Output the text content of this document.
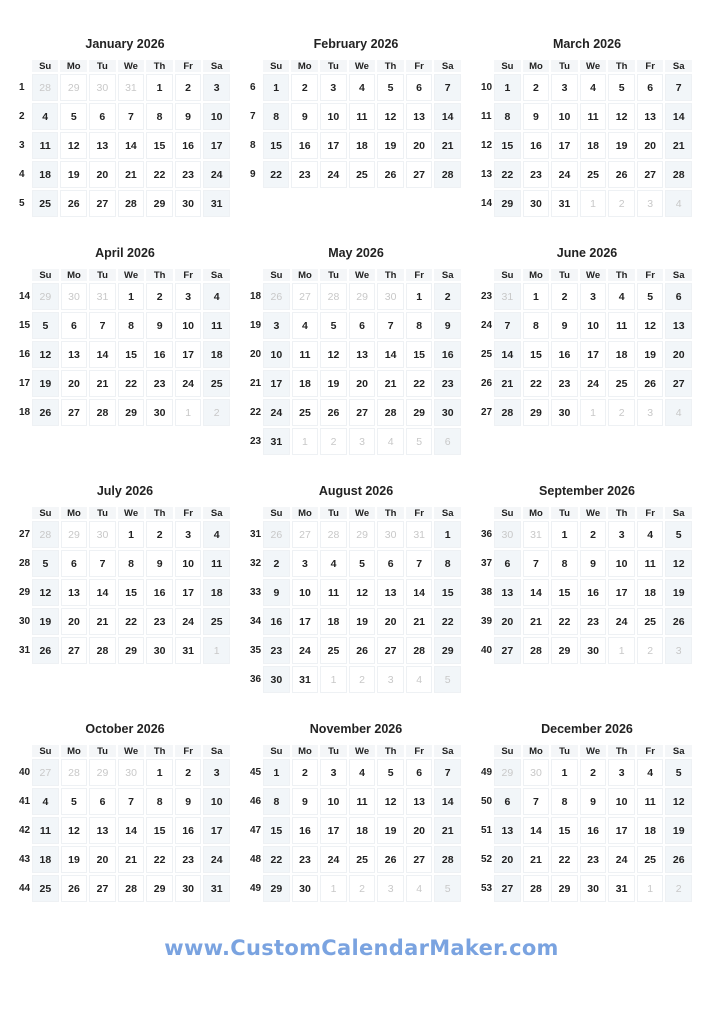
January 2026
	Su	Mo	Tu	We	Th	Fr	Sa
1	28	29	30	31	1	2	3
2	4	5	6	7	8	9	10
3	11	12	13	14	15	16	17
4	18	19	20	21	22	23	24
5	25	26	27	28	29	30	31
February 2026
	Su	Mo	Tu	We	Th	Fr	Sa
6	1	2	3	4	5	6	7
7	8	9	10	11	12	13	14
8	15	16	17	18	19	20	21
9	22	23	24	25	26	27	28
March 2026
	Su	Mo	Tu	We	Th	Fr	Sa
10	1	2	3	4	5	6	7
11	8	9	10	11	12	13	14
12	15	16	17	18	19	20	21
13	22	23	24	25	26	27	28
14	29	30	31	1	2	3	4
April 2026
	Su	Mo	Tu	We	Th	Fr	Sa
14	29	30	31	1	2	3	4
15	5	6	7	8	9	10	11
16	12	13	14	15	16	17	18
17	19	20	21	22	23	24	25
18	26	27	28	29	30	1	2
May 2026
	Su	Mo	Tu	We	Th	Fr	Sa
18	26	27	28	29	30	1	2
19	3	4	5	6	7	8	9
20	10	11	12	13	14	15	16
21	17	18	19	20	21	22	23
22	24	25	26	27	28	29	30
23	31	1	2	3	4	5	6
June 2026
	Su	Mo	Tu	We	Th	Fr	Sa
23	31	1	2	3	4	5	6
24	7	8	9	10	11	12	13
25	14	15	16	17	18	19	20
26	21	22	23	24	25	26	27
27	28	29	30	1	2	3	4
July 2026
	Su	Mo	Tu	We	Th	Fr	Sa
27	28	29	30	1	2	3	4
28	5	6	7	8	9	10	11
29	12	13	14	15	16	17	18
30	19	20	21	22	23	24	25
31	26	27	28	29	30	31	1
August 2026
	Su	Mo	Tu	We	Th	Fr	Sa
31	26	27	28	29	30	31	1
32	2	3	4	5	6	7	8
33	9	10	11	12	13	14	15
34	16	17	18	19	20	21	22
35	23	24	25	26	27	28	29
36	30	31	1	2	3	4	5
September 2026
	Su	Mo	Tu	We	Th	Fr	Sa
36	30	31	1	2	3	4	5
37	6	7	8	9	10	11	12
38	13	14	15	16	17	18	19
39	20	21	22	23	24	25	26
40	27	28	29	30	1	2	3
October 2026
	Su	Mo	Tu	We	Th	Fr	Sa
40	27	28	29	30	1	2	3
41	4	5	6	7	8	9	10
42	11	12	13	14	15	16	17
43	18	19	20	21	22	23	24
44	25	26	27	28	29	30	31
November 2026
	Su	Mo	Tu	We	Th	Fr	Sa
45	1	2	3	4	5	6	7
46	8	9	10	11	12	13	14
47	15	16	17	18	19	20	21
48	22	23	24	25	26	27	28
49	29	30	1	2	3	4	5
December 2026
	Su	Mo	Tu	We	Th	Fr	Sa
49	29	30	1	2	3	4	5
50	6	7	8	9	10	11	12
51	13	14	15	16	17	18	19
52	20	21	22	23	24	25	26
53	27	28	29	30	31	1	2
www.CustomCalendarMaker.com
